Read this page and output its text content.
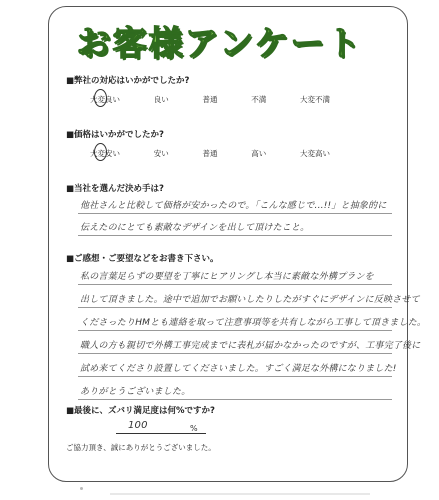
お客様アンケート
■弊社の対応はいかがでしたか?
大変良い	良い	普通	不満	大変不満
■価格はいかがでしたか?
大変安い	安い	普通	高い	大変高い
■当社を選んだ決め手は?
他社さんと比較して価格が安かったので。「こんな感じで...!!」と抽象的に
伝えたのにとても素敵なデザインを出して頂けたこと。
■ご感想・ご要望などをお書き下さい。
私の言葉足らずの要望を丁寧にヒアリングし本当に素敵な外構プランを
出して頂きました。途中で追加でお願いしたりしたがすぐにデザインに反映させて
くださったりHMとも連絡を取って注意事項等を共有しながら工事して頂きました。
職人の方も親切で外構工事完成までに表札が届かなかったのですが、工事完了後に
試め来てくださり設置してくださいました。すごく満足な外構になりました!
ありがとうございました。
■最後に、ズバリ満足度は何%ですか?
100	%
ご協力頂き、誠にありがとうございました。
